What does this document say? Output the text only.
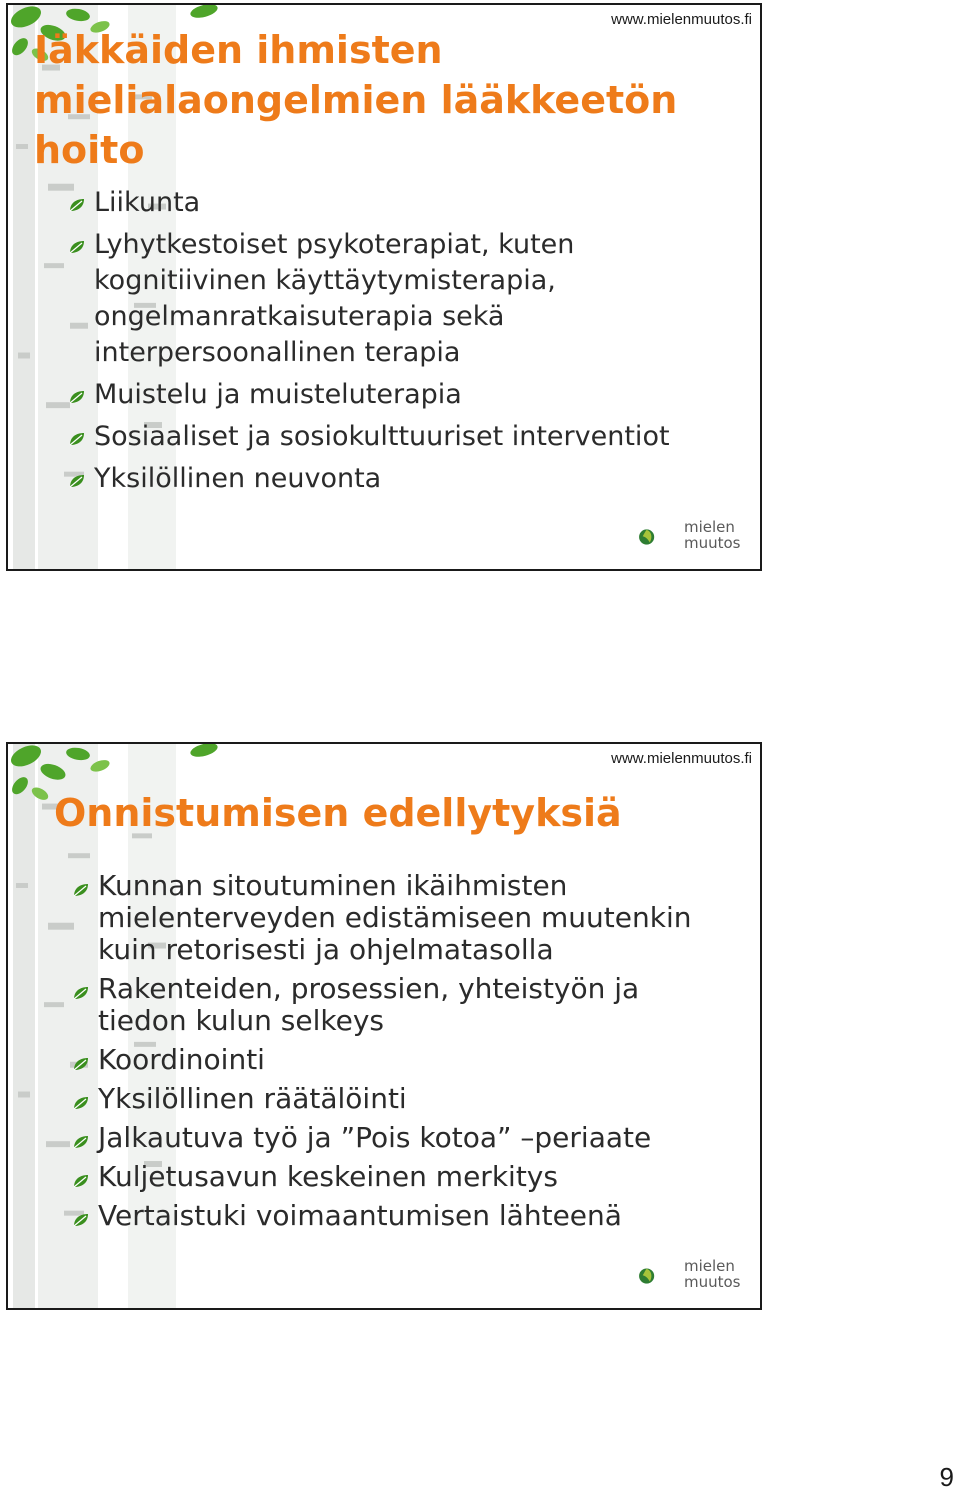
www.mielenmuutos.fi
Iäkkäiden ihmisten mielialaongelmien lääkkeetön hoito
Liikunta
Lyhytkestoiset psykoterapiat, kuten kognitiivinen käyttäytymisterapia, ongelmanratkaisuterapia sekä interpersoonallinen terapia
Muistelu ja muisteluterapia
Sosiaaliset ja sosiokulttuuriset interventiot
Yksilöllinen neuvonta
mielen
muutos
www.mielenmuutos.fi
Onnistumisen edellytyksiä
Kunnan sitoutuminen ikäihmisten mielenterveyden edistämiseen muutenkin kuin retorisesti ja ohjelmatasolla
Rakenteiden, prosessien, yhteistyön ja tiedon kulun selkeys
Koordinointi
Yksilöllinen räätälöinti
Jalkautuva työ ja ”Pois kotoa” –periaate
Kuljetusavun keskeinen merkitys
Vertaistuki voimaantumisen lähteenä
mielen
muutos
9
